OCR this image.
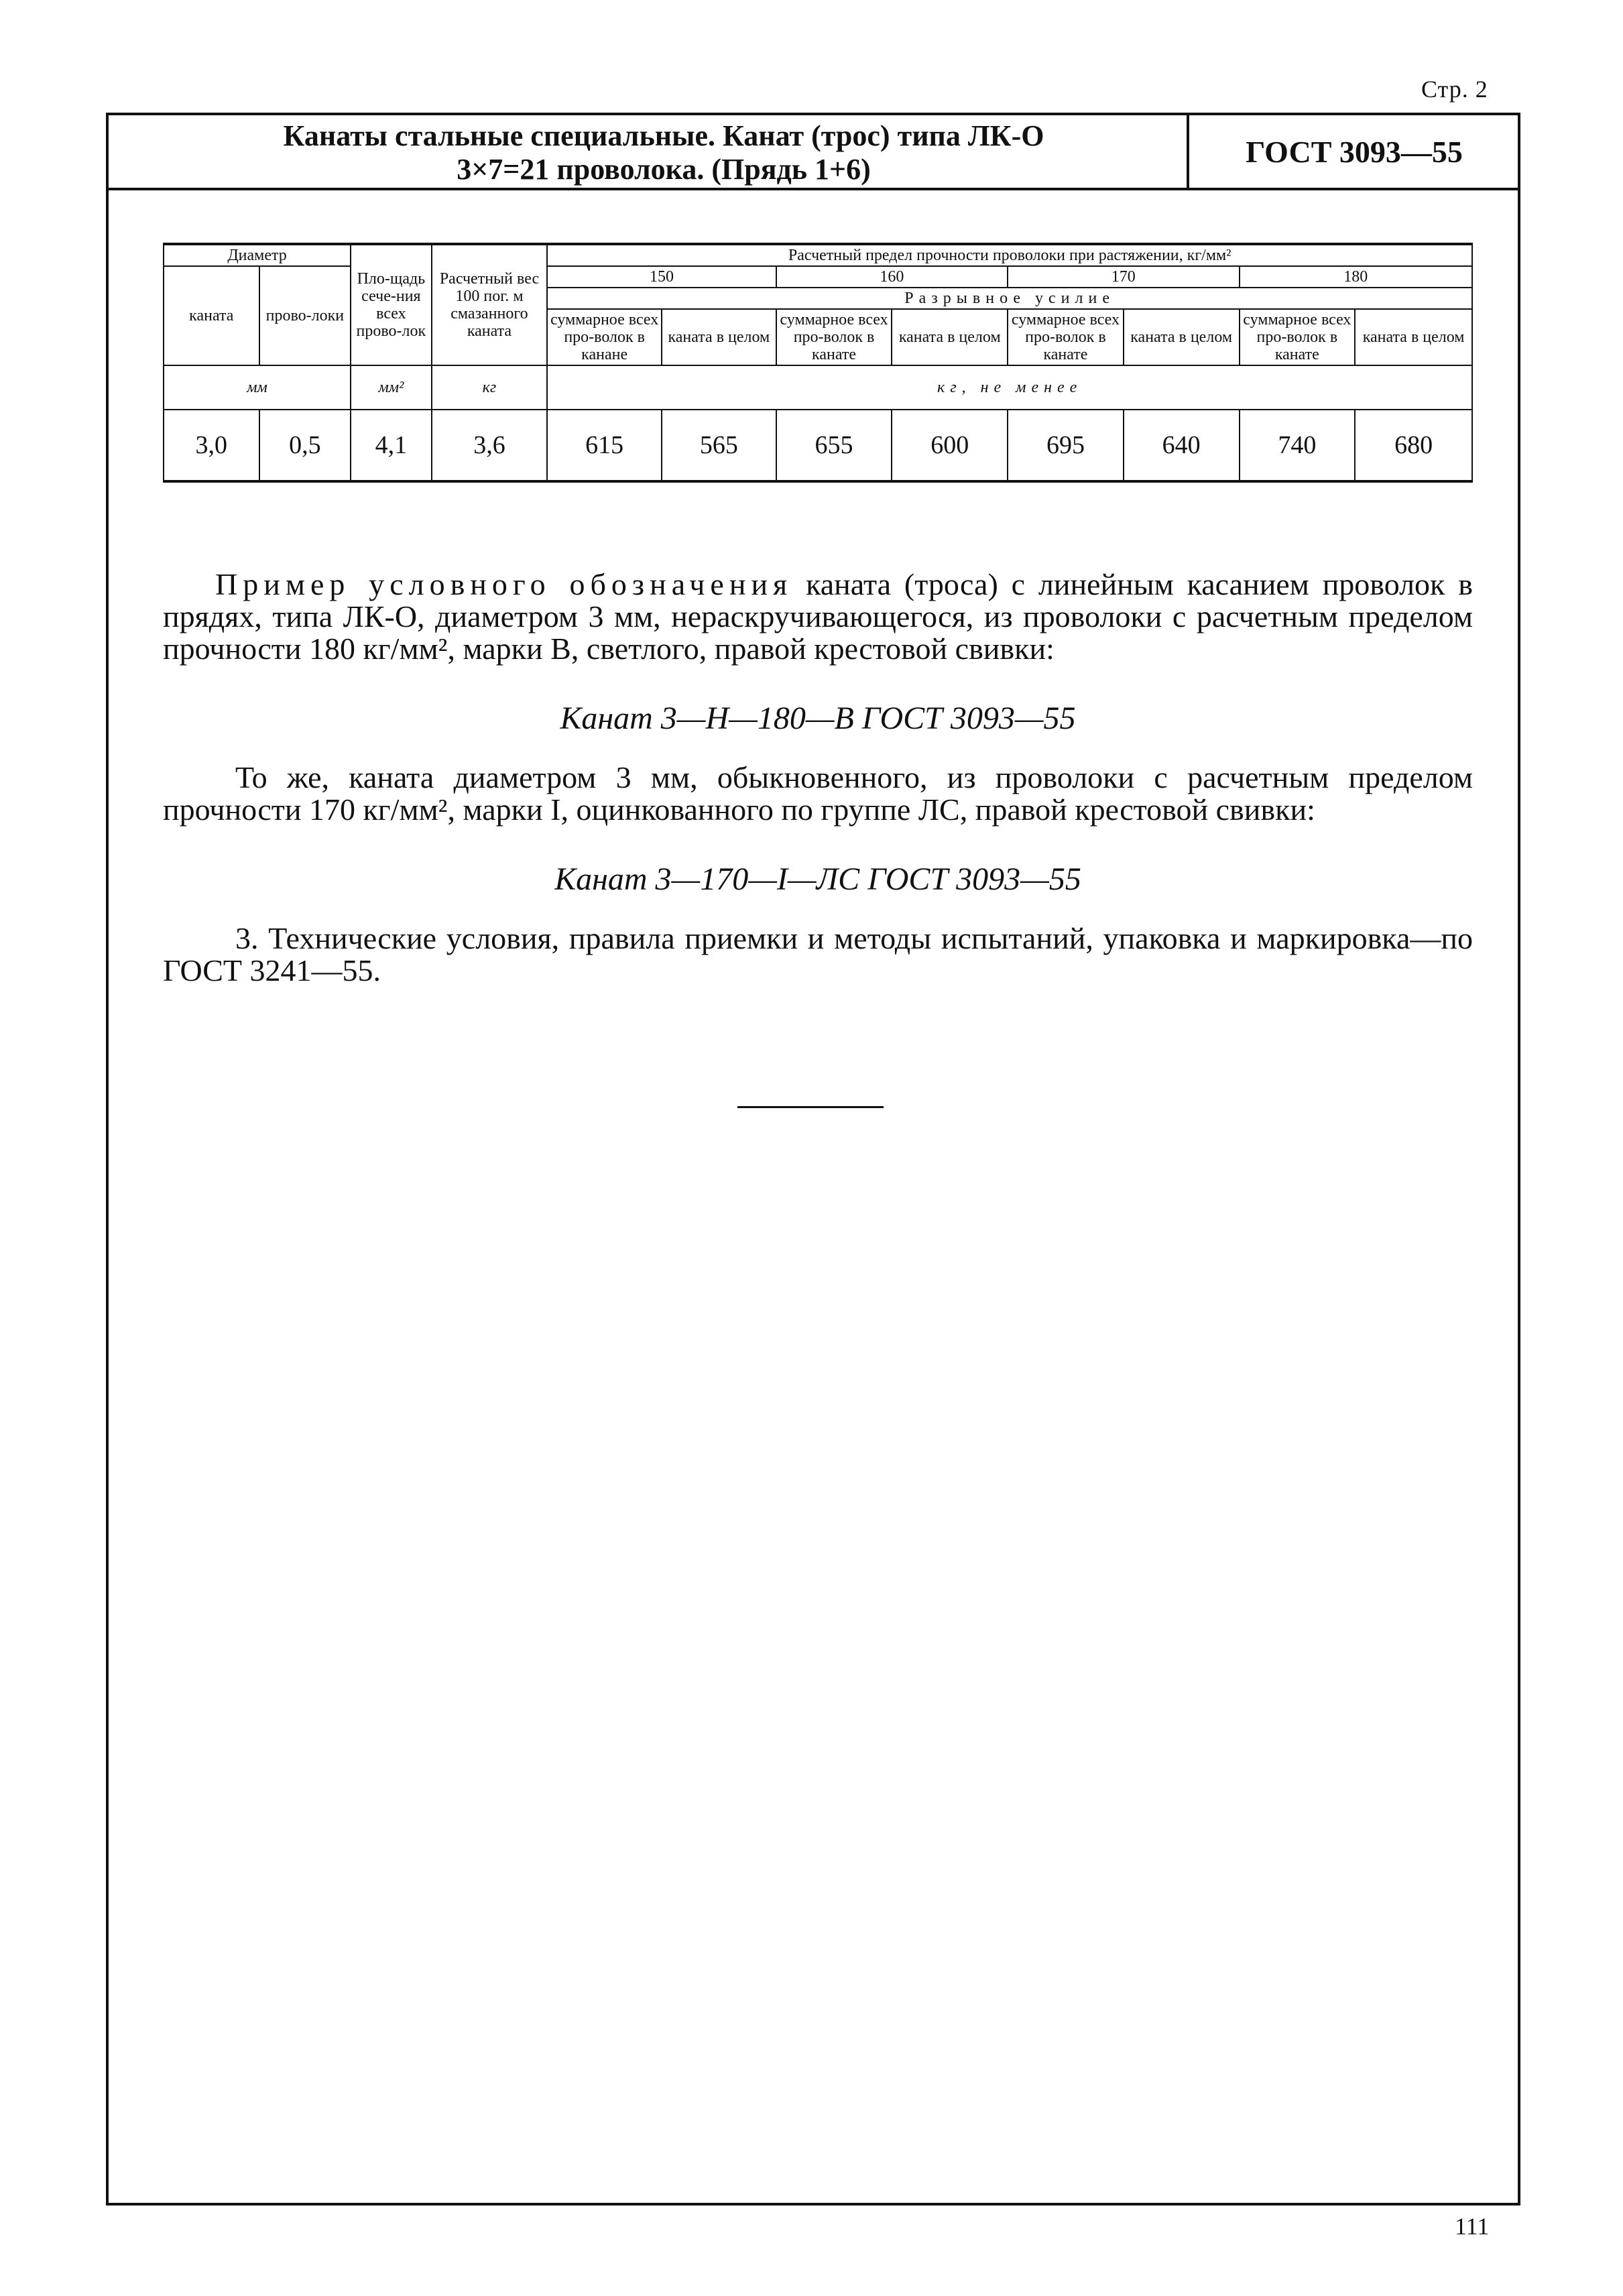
Стр. 2
Канаты стальные специальные. Канат (трос) типа ЛК-О
3×7=21 проволока. (Прядь 1+6)
ГОСТ 3093—55
Диаметр		Пло-щадь сече-ния всех прово-лок	Расчетный вес 100 пог. м смазанного каната	Расчетный предел прочности проволоки при растяжении, кг/мм²							
каната	прово-локи			150		160		170		180	
				Разрывное усилие							
				суммарное всех про-волок в канане	каната в целом	суммарное всех про-волок в канате	каната в целом	суммарное всех про-волок в канате	каната в целом	суммарное всех про-волок в канате	каната в целом
мм		мм²	кг	кг, не менее							
3,0	0,5	4,1	3,6	615	565	655	600	695	640	740	680
Пример условного обозначения каната (троса) с линейным касанием проволок в прядях, типа ЛК-О, диаметром 3 мм, нераскручивающегося, из проволоки с расчетным пределом прочности 180 кг/мм², марки В, светлого, правой крестовой свивки:
Канат 3—Н—180—В ГОСТ 3093—55
То же, каната диаметром 3 мм, обыкновенного, из проволоки с расчетным пределом прочности 170 кг/мм², марки I, оцинкованного по группе ЛС, правой крестовой свивки:
Канат 3—170—I—ЛС ГОСТ 3093—55
3. Технические условия, правила приемки и методы испытаний, упаковка и маркировка—по ГОСТ 3241—55.
111
